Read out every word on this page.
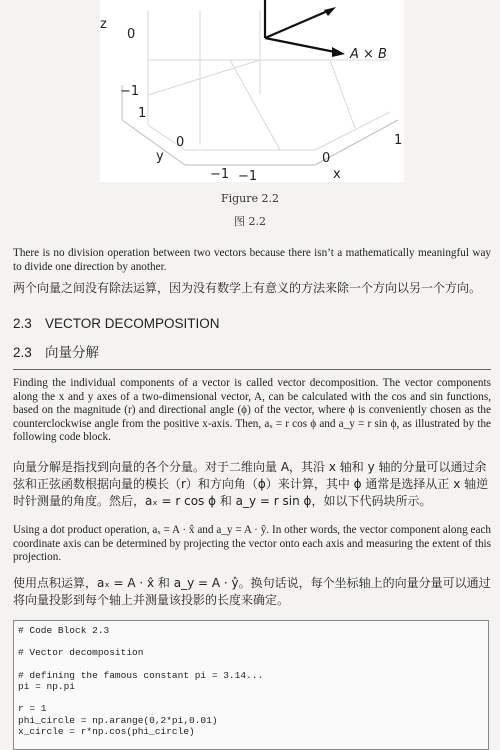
A × B
z
0
−1
1
0
y
−1 −1
0
x
1
Figure 2.2
图 2.2
There is no division operation between two vectors because there isn’t a mathematically meaningful way to divide one direction by another.
两个向量之间没有除法运算，因为没有数学上有意义的方法来除一个方向以另一个方向。
2.3 VECTOR DECOMPOSITION
2.3 向量分解
Finding the individual components of a vector is called vector decomposition. The vector components along the x and y axes of a two-dimensional vector, A, can be calculated with the cos and sin functions, based on the magnitude (r) and directional angle (ϕ) of the vector, where ϕ is conveniently chosen as the counterclockwise angle from the positive x-axis. Then, aₓ = r cos ϕ and a_y = r sin ϕ, as illustrated by the following code block.
向量分解是指找到向量的各个分量。对于二维向量 A，其沿 x 轴和 y 轴的分量可以通过余弦和正弦函数根据向量的模长（r）和方向角（ϕ）来计算，其中 ϕ 通常是选择从正 x 轴逆时针测量的角度。然后，aₓ = r cos ϕ 和 a_y = r sin ϕ，如以下代码块所示。
Using a dot product operation, aₓ = A · x̂ and a_y = A · ŷ. In other words, the vector component along each coordinate axis can be determined by projecting the vector onto each axis and measuring the extent of this projection.
使用点积运算，aₓ = A · x̂ 和 a_y = A · ŷ。换句话说，每个坐标轴上的向量分量可以通过将向量投影到每个轴上并测量该投影的长度来确定。
# Code Block 2.3
# Vector decomposition
# defining the famous constant pi = 3.14...
pi = np.pi
r = 1
phi_circle = np.arange(0,2*pi,0.01)
x_circle = r*np.cos(phi_circle)
